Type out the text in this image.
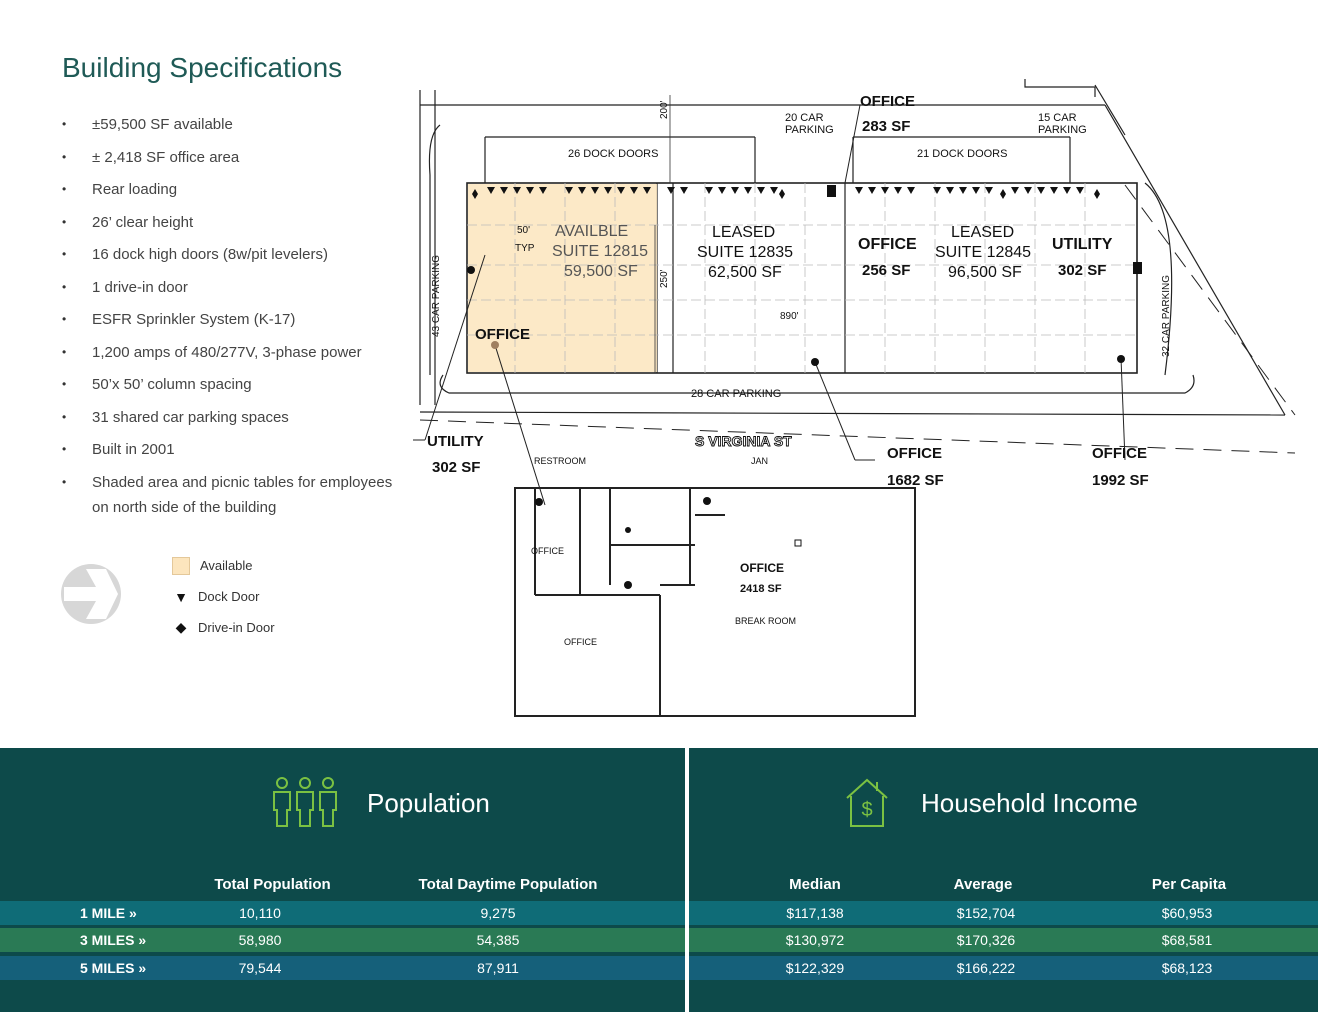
Building Specifications
• ±59,500 SF available
• ± 2,418 SF office area
• Rear loading
• 26’ clear height
• 16 dock high doors (8w/pit levelers)
• 1 drive-in door
• ESFR Sprinkler System (K-17)
• 1,200 amps of 480/277V, 3-phase power
• 50’x 50’ column spacing
• 31 shared car parking spaces
• Built in 2001
• Shaded area and picnic tables for employees on north side of the building
Available
▼ Dock Door
◆ Drive-in Door
OFFICE
283 SF
200'	20 CAR
PARKING
15 CAR
PARKING
26 DOCK DOORS	21 DOCK DOORS
50'
TYP
AVAILBLE
SUITE 12815
59,500 SF
LEASED
SUITE 12835
62,500 SF
OFFICE
256 SF
LEASED
SUITE 12845
96,500 SF
UTILITY
302 SF
43 CAR PARKING	32 CAR PARKING
250'
890'
OFFICE
28 CAR PARKING
UTILITY
302 SF
S VIRGINIA ST
RESTROOM	JAN	OFFICE
1682 SF
OFFICE
1992 SF
OFFICE
OFFICE
OFFICE
2418 SF
BREAK ROOM
Population	$ Household Income
Total Population	Total Daytime Population	Median	Average	Per Capita
1 MILE »	10,110	9,275	$117,138	$152,704	$60,953
3 MILES »	58,980	54,385	$130,972	$170,326	$68,581
5 MILES »	79,544	87,911	$122,329	$166,222	$68,123
